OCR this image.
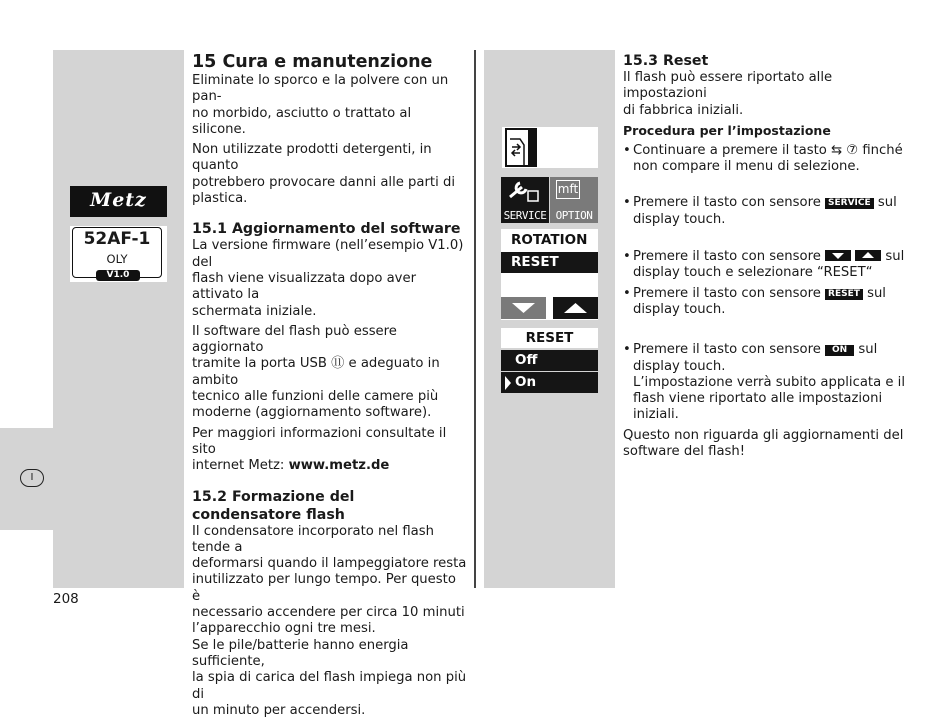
I
Metz
52AF-1
OLY
V1.0
15 Cura e manutenzione

Eliminate lo sporco e la polvere con un pan-
no morbido, asciutto o trattato al silicone.

Non utilizzate prodotti detergenti, in quanto
potrebbero provocare danni alle parti di
plastica.

15.1 Aggiornamento del software

La versione firmware (nell’esempio V1.0) del
flash viene visualizzata dopo aver attivato la
schermata iniziale.

Il software del flash può essere aggiornato
tramite la porta USB ⑪ e adeguato in ambito
tecnico alle funzioni delle camere più
moderne (aggiornamento software).

Per maggiori informazioni consultate il sito
internet Metz: www.metz.de

15.2 Formazione del condensatore flash

Il condensatore incorporato nel flash tende a
deformarsi quando il lampeggiatore resta
inutilizzato per lungo tempo. Per questo è
necessario accendere per circa 10 minuti
l’apparecchio ogni tre mesi.
Se le pile/batterie hanno energia sufficiente,
la spia di carica del flash impiega non più di
un minuto per accendersi.

SERVICE
mft
OPTION
ROTATION
RESET
RESET
Off
On
15.3 Reset

Il flash può essere riportato alle impostazioni
di fabbrica iniziali.

Procedura per l’impostazione

• Continuare a premere il tasto ⇆ ⑦ finché
non compare il menu di selezione.

• Premere il tasto con sensore SERVICE sul
display touch.

• Premere il tasto con sensore	sul
display touch e selezionare “RESET“

• Premere il tasto con sensore RESET sul
display touch.

• Premere il tasto con sensore ON sul
display touch.
L’impostazione verrà subito applicata e il
flash viene riportato alle impostazioni
iniziali.

Questo non riguarda gli aggiornamenti del
software del flash!

208
